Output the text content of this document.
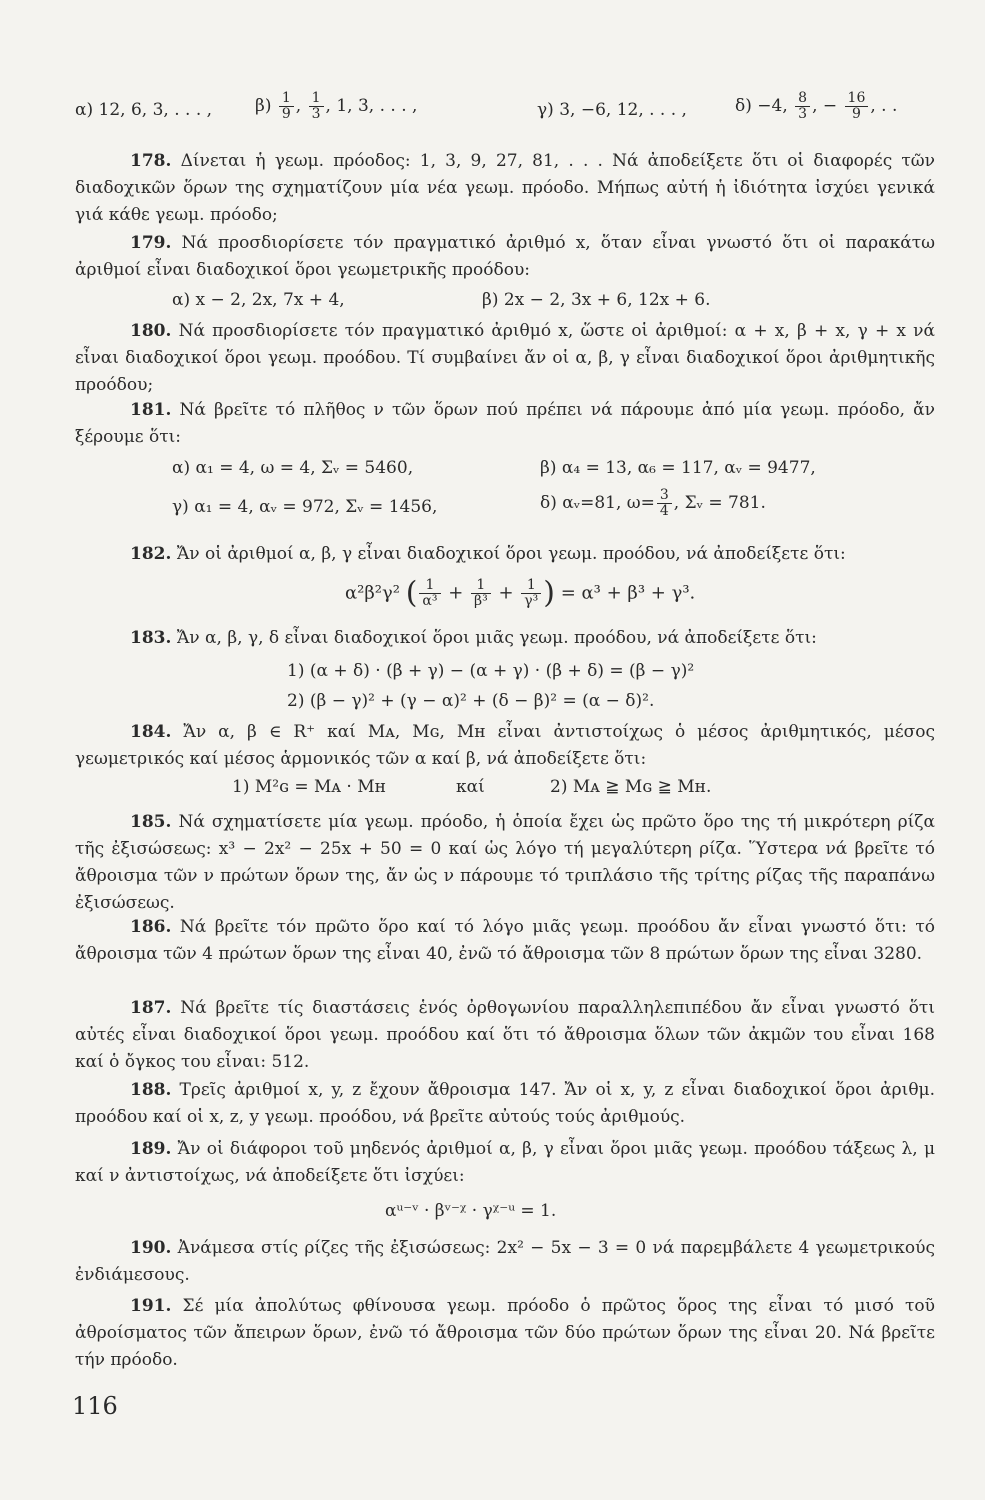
α) 12, 6, 3, . . . ,	$\beta) \frac{1}{9}$ , $\frac{1}{3}$ , 1, 3, . . . ,	γ) 3, −6, 12, . . . ,	δ) −4, $\frac{8}{3}$ , − $\frac{16}{9}$ , . .
178. Δίνεται ἡ γεωμ. πρόοδος: 1, 3, 9, 27, 81, . . . Νά ἀποδείξετε ὅτι οἱ διαφορές τῶν διαδοχικῶν ὅρων της σχηματίζουν μία νέα γεωμ. πρόοδο. Μήπως αὐτή ἡ ἰδιότητα ἰσχύει γενικά γιά κάθε γεωμ. πρόοδο;
179. Νά προσδιορίσετε τόν πραγματικό ἀριθμό x, ὅταν εἶναι γνωστό ὅτι οἱ παρακάτω ἀριθμοί εἶναι διαδοχικοί ὅροι γεωμετρικῆς προόδου:
α) x − 2, 2x, 7x + 4,	β) 2x − 2, 3x + 6, 12x + 6.
180. Νά προσδιορίσετε τόν πραγματικό ἀριθμό x, ὥστε οἱ ἀριθμοί: α + x, β + x, γ + x νά εἶναι διαδοχικοί ὅροι γεωμ. προόδου. Τί συμβαίνει ἄν οἱ α, β, γ εἶναι διαδοχικοί ὅροι ἀριθμητικῆς προόδου;
181. Νά βρεῖτε τό πλῆθος ν τῶν ὅρων πού πρέπει νά πάρουμε ἀπό μία γεωμ. πρόοδο, ἄν ξέρουμε ὅτι:
α) α₁ = 4, ω = 4, Σᵥ = 5460,	β) α₄ = 13, α₆ = 117, αᵥ = 9477,
γ) α₁ = 4, αᵥ = 972, Σᵥ = 1456,	δ) αᵥ=81, $\omega= \frac{3}{4}$ , Σᵥ = 781.
182. Ἄν οἱ ἀριθμοί α, β, γ εἶναι διαδοχικοί ὅροι γεωμ. προόδου, νά ἀποδείξετε ὅτι:
α²β²γ² ( $\frac{1}{\text{α³}} + \frac{1}{\text{β³}} + \frac{1}{\text{γ³}}$ ) = α³ + β³ + γ³.
183. Ἄν α, β, γ, δ εἶναι διαδοχικοί ὅροι μιᾶς γεωμ. προόδου, νά ἀποδείξετε ὅτι:
1) (α + δ) · (β + γ) − (α + γ) · (β + δ) = (β − γ)²
2) (β − γ)² + (γ − α)² + (δ − β)² = (α − δ)².
184. Ἄν α, β ∈ R⁺ καί Mᴀ, Mɢ, Mʜ εἶναι ἀντιστοίχως ὁ μέσος ἀριθμητικός, μέσος γεωμετρικός καί μέσος ἁρμονικός τῶν α καί β, νά ἀποδείξετε ὅτι:
1) M²ɢ = Mᴀ · Mʜ	καί	2) Mᴀ ≧ Mɢ ≧ Mʜ.
185. Νά σχηματίσετε μία γεωμ. πρόοδο, ἡ ὁποία ἔχει ὡς πρῶτο ὅρο της τή μικρότερη ρίζα τῆς ἐξισώσεως: x³ − 2x² − 25x + 50 = 0 καί ὡς λόγο τή μεγαλύτερη ρίζα. Ὕστερα νά βρεῖτε τό ἄθροισμα τῶν ν πρώτων ὅρων της, ἄν ὡς ν πάρουμε τό τριπλάσιο τῆς τρίτης ρίζας τῆς παραπάνω ἐξισώσεως.
186. Νά βρεῖτε τόν πρῶτο ὅρο καί τό λόγο μιᾶς γεωμ. προόδου ἄν εἶναι γνωστό ὅτι: τό ἄθροισμα τῶν 4 πρώτων ὅρων της εἶναι 40, ἐνῶ τό ἄθροισμα τῶν 8 πρώτων ὅρων της εἶναι 3280.
187. Νά βρεῖτε τίς διαστάσεις ἑνός ὀρθογωνίου παραλληλεπιπέδου ἄν εἶναι γνωστό ὅτι αὐτές εἶναι διαδοχικοί ὅροι γεωμ. προόδου καί ὅτι τό ἄθροισμα ὅλων τῶν ἀκμῶν του εἶναι 168 καί ὁ ὄγκος του εἶναι: 512.
188. Τρεῖς ἀριθμοί x, y, z ἔχουν ἄθροισμα 147. Ἄν οἱ x, y, z εἶναι διαδοχικοί ὅροι ἀριθμ. προόδου καί οἱ x, z, y γεωμ. προόδου, νά βρεῖτε αὐτούς τούς ἀριθμούς.
189. Ἄν οἱ διάφοροι τοῦ μηδενός ἀριθμοί α, β, γ εἶναι ὅροι μιᾶς γεωμ. προόδου τάξεως λ, μ καί ν ἀντιστοίχως, νά ἀποδείξετε ὅτι ἰσχύει:
αᵘ⁻ᵛ · βᵛ⁻ᵡ · γᵡ⁻ᵘ = 1.
190. Ἀνάμεσα στίς ρίζες τῆς ἐξισώσεως: 2x² − 5x − 3 = 0 νά παρεμβάλετε 4 γεωμετρικούς ἐνδιάμεσους.
191. Σέ μία ἀπολύτως φθίνουσα γεωμ. πρόοδο ὁ πρῶτος ὅρος της εἶναι τό μισό τοῦ ἀθροίσματος τῶν ἄπειρων ὅρων, ἐνῶ τό ἄθροισμα τῶν δύο πρώτων ὅρων της εἶναι 20. Νά βρεῖτε τήν πρόοδο.
116
